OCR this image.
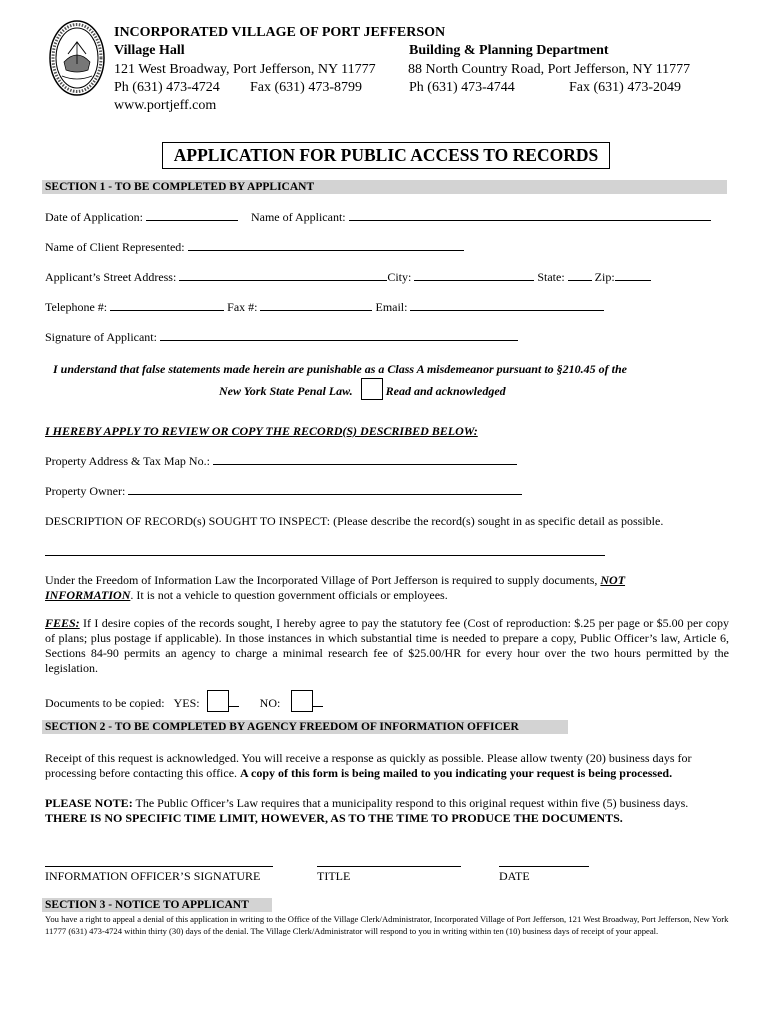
INCORPORATED VILLAGE OF PORT JEFFERSON
Village Hall
121 West Broadway, Port Jefferson, NY 11777
Ph (631) 473-4724 Fax (631) 473-8799
www.portjeff.com
Building & Planning Department
88 North Country Road, Port Jefferson, NY 11777
Ph (631) 473-4744	Fax (631) 473-2049
APPLICATION FOR PUBLIC ACCESS TO RECORDS
SECTION 1 - TO BE COMPLETED BY APPLICANT
Date of Application:	Name of Applicant:
Name of Client Represented:
Applicant’s Street Address:	City:	State:	Zip:
Telephone #:	Fax #:	Email:
Signature of Applicant:
I understand that false statements made herein are punishable as a Class A misdemeanor pursuant to §210.45 of the
New York State Penal Law.	Read and acknowledged
I HEREBY APPLY TO REVIEW OR COPY THE RECORD(S) DESCRIBED BELOW:
Property Address & Tax Map No.:
Property Owner:
DESCRIPTION OF RECORD(s) SOUGHT TO INSPECT: (Please describe the record(s) sought in as specific detail as possible.
Under the Freedom of Information Law the Incorporated Village of Port Jefferson is required to supply documents, NOT
INFORMATION. It is not a vehicle to question government officials or employees.
FEES: If I desire copies of the records sought, I hereby agree to pay the statutory fee (Cost of reproduction: $.25 per page or $5.00 per copy of plans; plus postage if applicable). In those instances in which substantial time is needed to prepare a copy, Public Officer’s law, Article 6, Sections 84-90 permits an agency to charge a minimal research fee of $25.00/HR for every hour over the two hours permitted by the legislation.
Documents to be copied: YES:	NO:
SECTION 2 - TO BE COMPLETED BY AGENCY FREEDOM OF INFORMATION OFFICER
Receipt of this request is acknowledged. You will receive a response as quickly as possible. Please allow twenty (20) business days for processing before contacting this office. A copy of this form is being mailed to you indicating your request is being processed.
PLEASE NOTE: The Public Officer’s Law requires that a municipality respond to this original request within five (5) business days.
THERE IS NO SPECIFIC TIME LIMIT, HOWEVER, AS TO THE TIME TO PRODUCE THE DOCUMENTS.
INFORMATION OFFICER’S SIGNATURE	TITLE	DATE
SECTION 3 - NOTICE TO APPLICANT
You have a right to appeal a denial of this application in writing to the Office of the Village Clerk/Administrator, Incorporated Village of Port Jefferson, 121 West Broadway, Port Jefferson, New York 11777 (631) 473-4724 within thirty (30) days of the denial. The Village Clerk/Administrator will respond to you in writing within ten (10) business days of receipt of your appeal.
